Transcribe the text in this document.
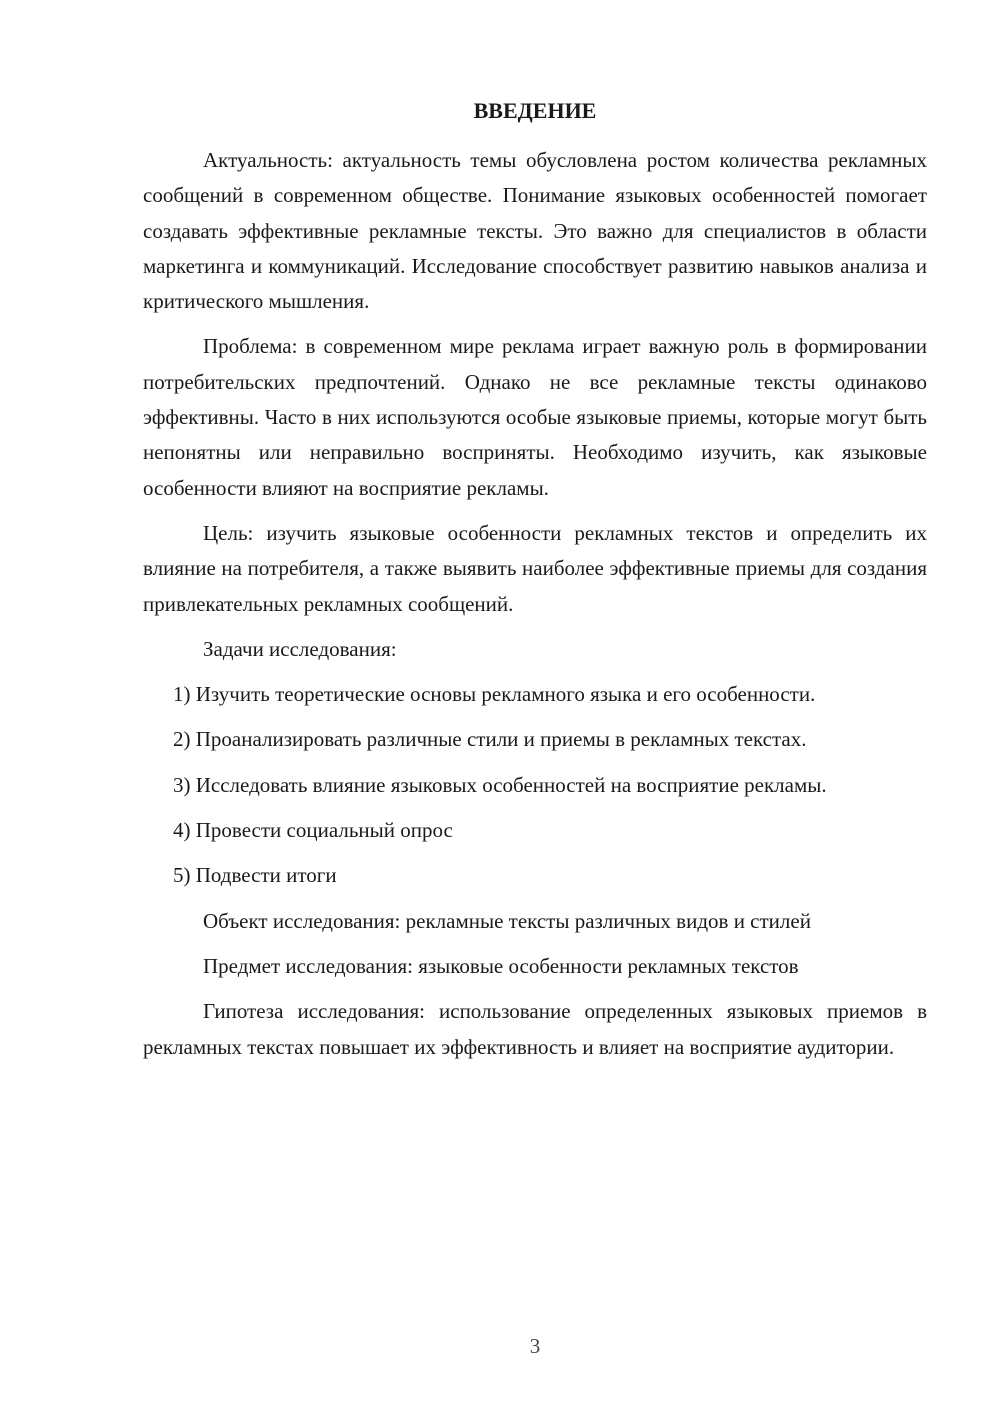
ВВЕДЕНИЕ

Актуальность: актуальность темы обусловлена ростом количества рекламных сообщений в современном обществе. Понимание языковых особенностей помогает создавать эффективные рекламные тексты. Это важно для специалистов в области маркетинга и коммуникаций. Исследование способствует развитию навыков анализа и критического мышления.

Проблема: в современном мире реклама играет важную роль в формировании потребительских предпочтений. Однако не все рекламные тексты одинаково эффективны. Часто в них используются особые языковые приемы, которые могут быть непонятны или неправильно восприняты. Необходимо изучить, как языковые особенности влияют на восприятие рекламы.

Цель: изучить языковые особенности рекламных текстов и определить их влияние на потребителя, а также выявить наиболее эффективные приемы для создания привлекательных рекламных сообщений.

Задачи исследования:

1) Изучить теоретические основы рекламного языка и его особенности.

2) Проанализировать различные стили и приемы в рекламных текстах.

3) Исследовать влияние языковых особенностей на восприятие рекламы.

4) Провести социальный опрос

5) Подвести итоги

Объект исследования: рекламные тексты различных видов и стилей

Предмет исследования: языковые особенности рекламных текстов

Гипотеза исследования: использование определенных языковых приемов в рекламных текстах повышает их эффективность и влияет на восприятие аудитории.

3
